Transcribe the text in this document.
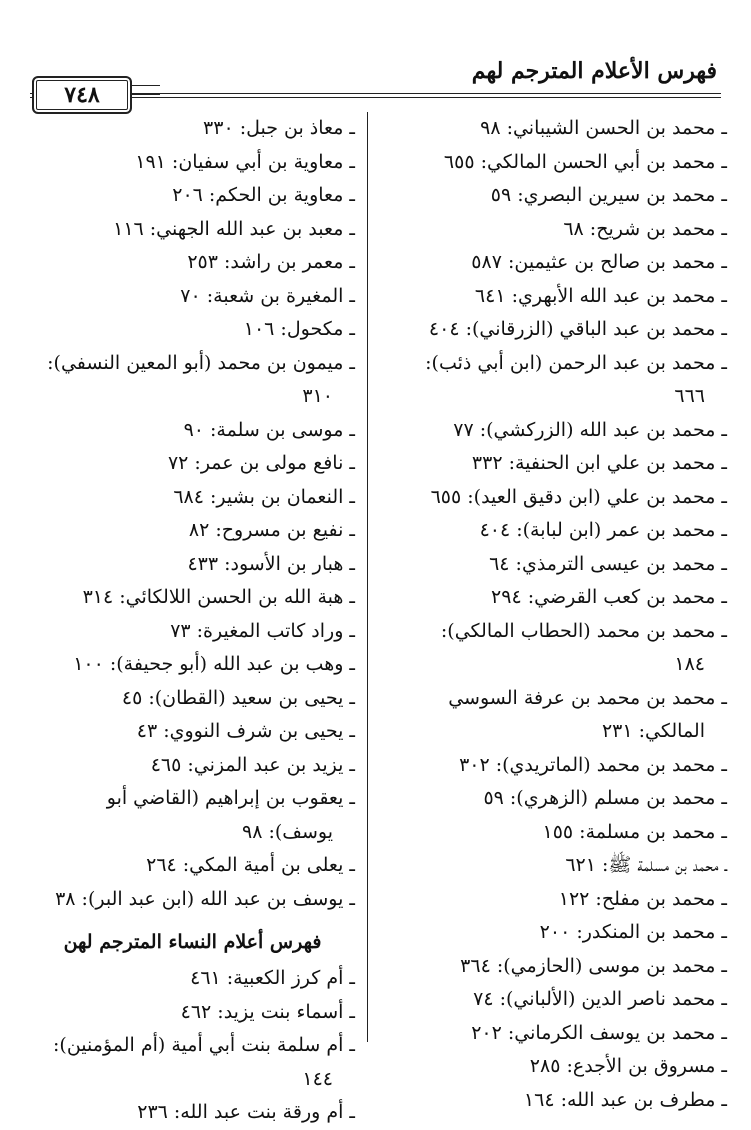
فهرس الأعلام المترجم لهم
٧٤٨
ـ محمد بن الحسن الشيباني: ٩٨
ـ محمد بن أبي الحسن المالكي: ٦٥٥
ـ محمد بن سيرين البصري: ٥٩
ـ محمد بن شريح: ٦٨
ـ محمد بن صالح بن عثيمين: ٥٨٧
ـ محمد بن عبد الله الأبهري: ٦٤١
ـ محمد بن عبد الباقي (الزرقاني): ٤٠٤
ـ محمد بن عبد الرحمن (ابن أبي ذئب):
٦٦٦
ـ محمد بن عبد الله (الزركشي): ٧٧
ـ محمد بن علي ابن الحنفية: ٣٣٢
ـ محمد بن علي (ابن دقيق العيد): ٦٥٥
ـ محمد بن عمر (ابن لبابة): ٤٠٤
ـ محمد بن عيسى الترمذي: ٦٤
ـ محمد بن كعب القرضي: ٢٩٤
ـ محمد بن محمد (الحطاب المالكي):
١٨٤
ـ محمد بن محمد بن عرفة السوسي
المالكي: ٢٣١
ـ محمد بن محمد (الماتريدي): ٣٠٢
ـ محمد بن مسلم (الزهري): ٥٩
ـ محمد بن مسلمة: ١٥٥
ـ محمد بن مسلمة ﷺ: ٦٢١
ـ محمد بن مفلح: ١٢٢
ـ محمد بن المنكدر: ٢٠٠
ـ محمد بن موسى (الحازمي): ٣٦٤
ـ محمد ناصر الدين (الألباني): ٧٤
ـ محمد بن يوسف الكرماني: ٢٠٢
ـ مسروق بن الأجدع: ٢٨٥
ـ مطرف بن عبد الله: ١٦٤
ـ معاذ بن جبل: ٣٣٠
ـ معاوية بن أبي سفيان: ١٩١
ـ معاوية بن الحكم: ٢٠٦
ـ معبد بن عبد الله الجهني: ١١٦
ـ معمر بن راشد: ٢٥٣
ـ المغيرة بن شعبة: ٧٠
ـ مكحول: ١٠٦
ـ ميمون بن محمد (أبو المعين النسفي):
٣١٠
ـ موسى بن سلمة: ٩٠
ـ نافع مولى بن عمر: ٧٢
ـ النعمان بن بشير: ٦٨٤
ـ نفيع بن مسروح: ٨٢
ـ هبار بن الأسود: ٤٣٣
ـ هبة الله بن الحسن اللالكائي: ٣١٤
ـ وراد كاتب المغيرة: ٧٣
ـ وهب بن عبد الله (أبو جحيفة): ١٠٠
ـ يحيى بن سعيد (القطان): ٤٥
ـ يحيى بن شرف النووي: ٤٣
ـ يزيد بن عبد المزني: ٤٦٥
ـ يعقوب بن إبراهيم (القاضي أبو
يوسف): ٩٨
ـ يعلى بن أمية المكي: ٢٦٤
ـ يوسف بن عبد الله (ابن عبد البر): ٣٨
فهرس أعلام النساء المترجم لهن
ـ أم كرز الكعبية: ٤٦١
ـ أسماء بنت يزيد: ٤٦٢
ـ أم سلمة بنت أبي أمية (أم المؤمنين):
١٤٤
ـ أم ورقة بنت عبد الله: ٢٣٦
